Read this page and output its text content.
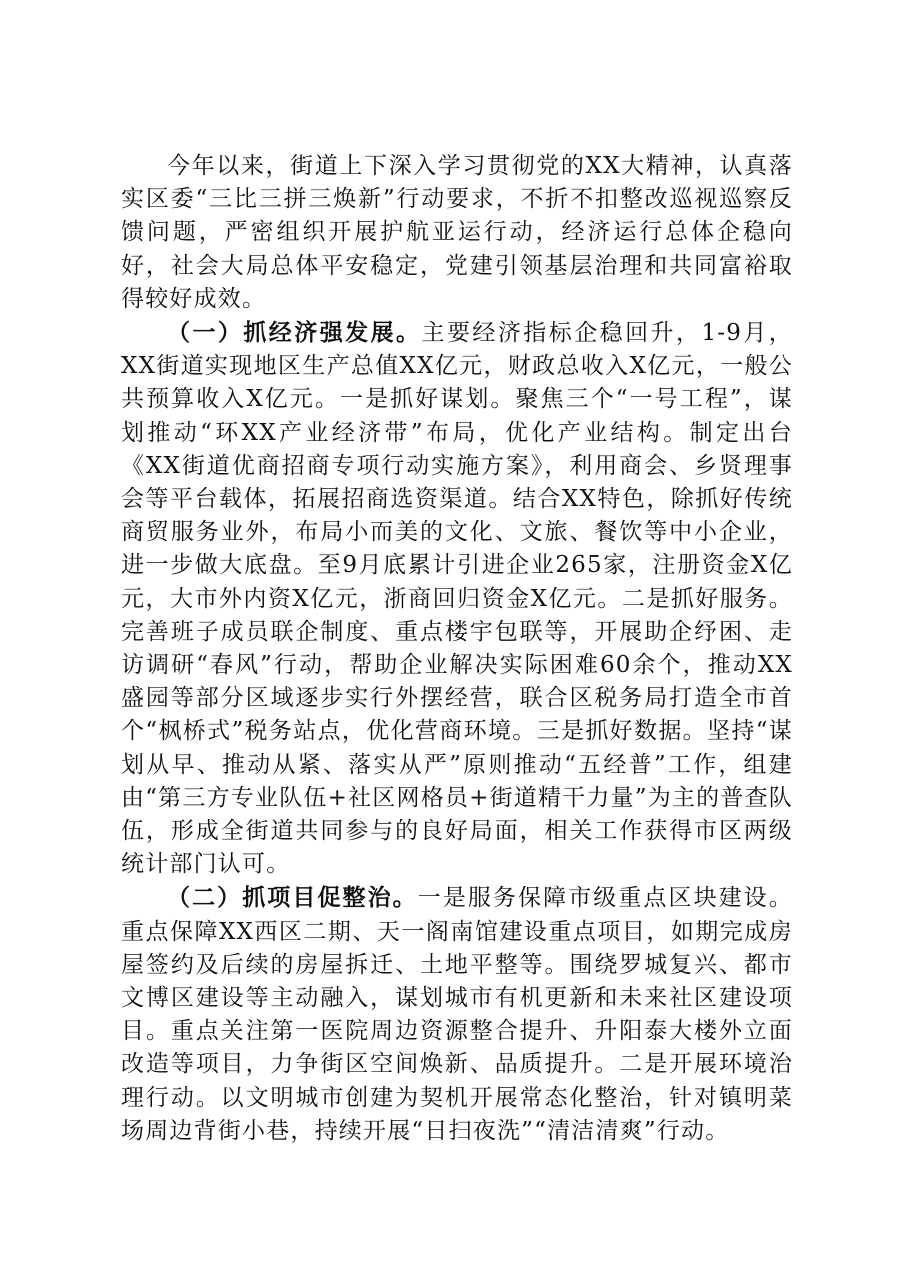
今年以来，街道上下深入学习贯彻党的XX大精神，认真落实区委“三比三拼三焕新”行动要求，不折不扣整改巡视巡察反馈问题，严密组织开展护航亚运行动，经济运行总体企稳向好，社会大局总体平安稳定，党建引领基层治理和共同富裕取得较好成效。

（一）抓经济强发展。主要经济指标企稳回升，1-9月，XX街道实现地区生产总值XX亿元，财政总收入X亿元，一般公共预算收入X亿元。一是抓好谋划。聚焦三个“一号工程”，谋划推动“环XX产业经济带”布局，优化产业结构。制定出台《XX街道优商招商专项行动实施方案》，利用商会、乡贤理事会等平台载体，拓展招商选资渠道。结合XX特色，除抓好传统商贸服务业外，布局小而美的文化、文旅、餐饮等中小企业，进一步做大底盘。至9月底累计引进企业265家，注册资金X亿元，大市外内资X亿元，浙商回归资金X亿元。二是抓好服务。完善班子成员联企制度、重点楼宇包联等，开展助企纾困、走访调研“春风”行动，帮助企业解决实际困难60余个，推动XX盛园等部分区域逐步实行外摆经营，联合区税务局打造全市首个“枫桥式”税务站点，优化营商环境。三是抓好数据。坚持“谋划从早、推动从紧、落实从严”原则推动“五经普”工作，组建由“第三方专业队伍+社区网格员+街道精干力量”为主的普查队伍，形成全街道共同参与的良好局面，相关工作获得市区两级统计部门认可。

（二）抓项目促整治。一是服务保障市级重点区块建设。重点保障XX西区二期、天一阁南馆建设重点项目，如期完成房屋签约及后续的房屋拆迁、土地平整等。围绕罗城复兴、都市文博区建设等主动融入，谋划城市有机更新和未来社区建设项目。重点关注第一医院周边资源整合提升、升阳泰大楼外立面改造等项目，力争街区空间焕新、品质提升。二是开展环境治理行动。以文明城市创建为契机开展常态化整治，针对镇明菜场周边背街小巷，持续开展“日扫夜洗”“清洁清爽”行动。
